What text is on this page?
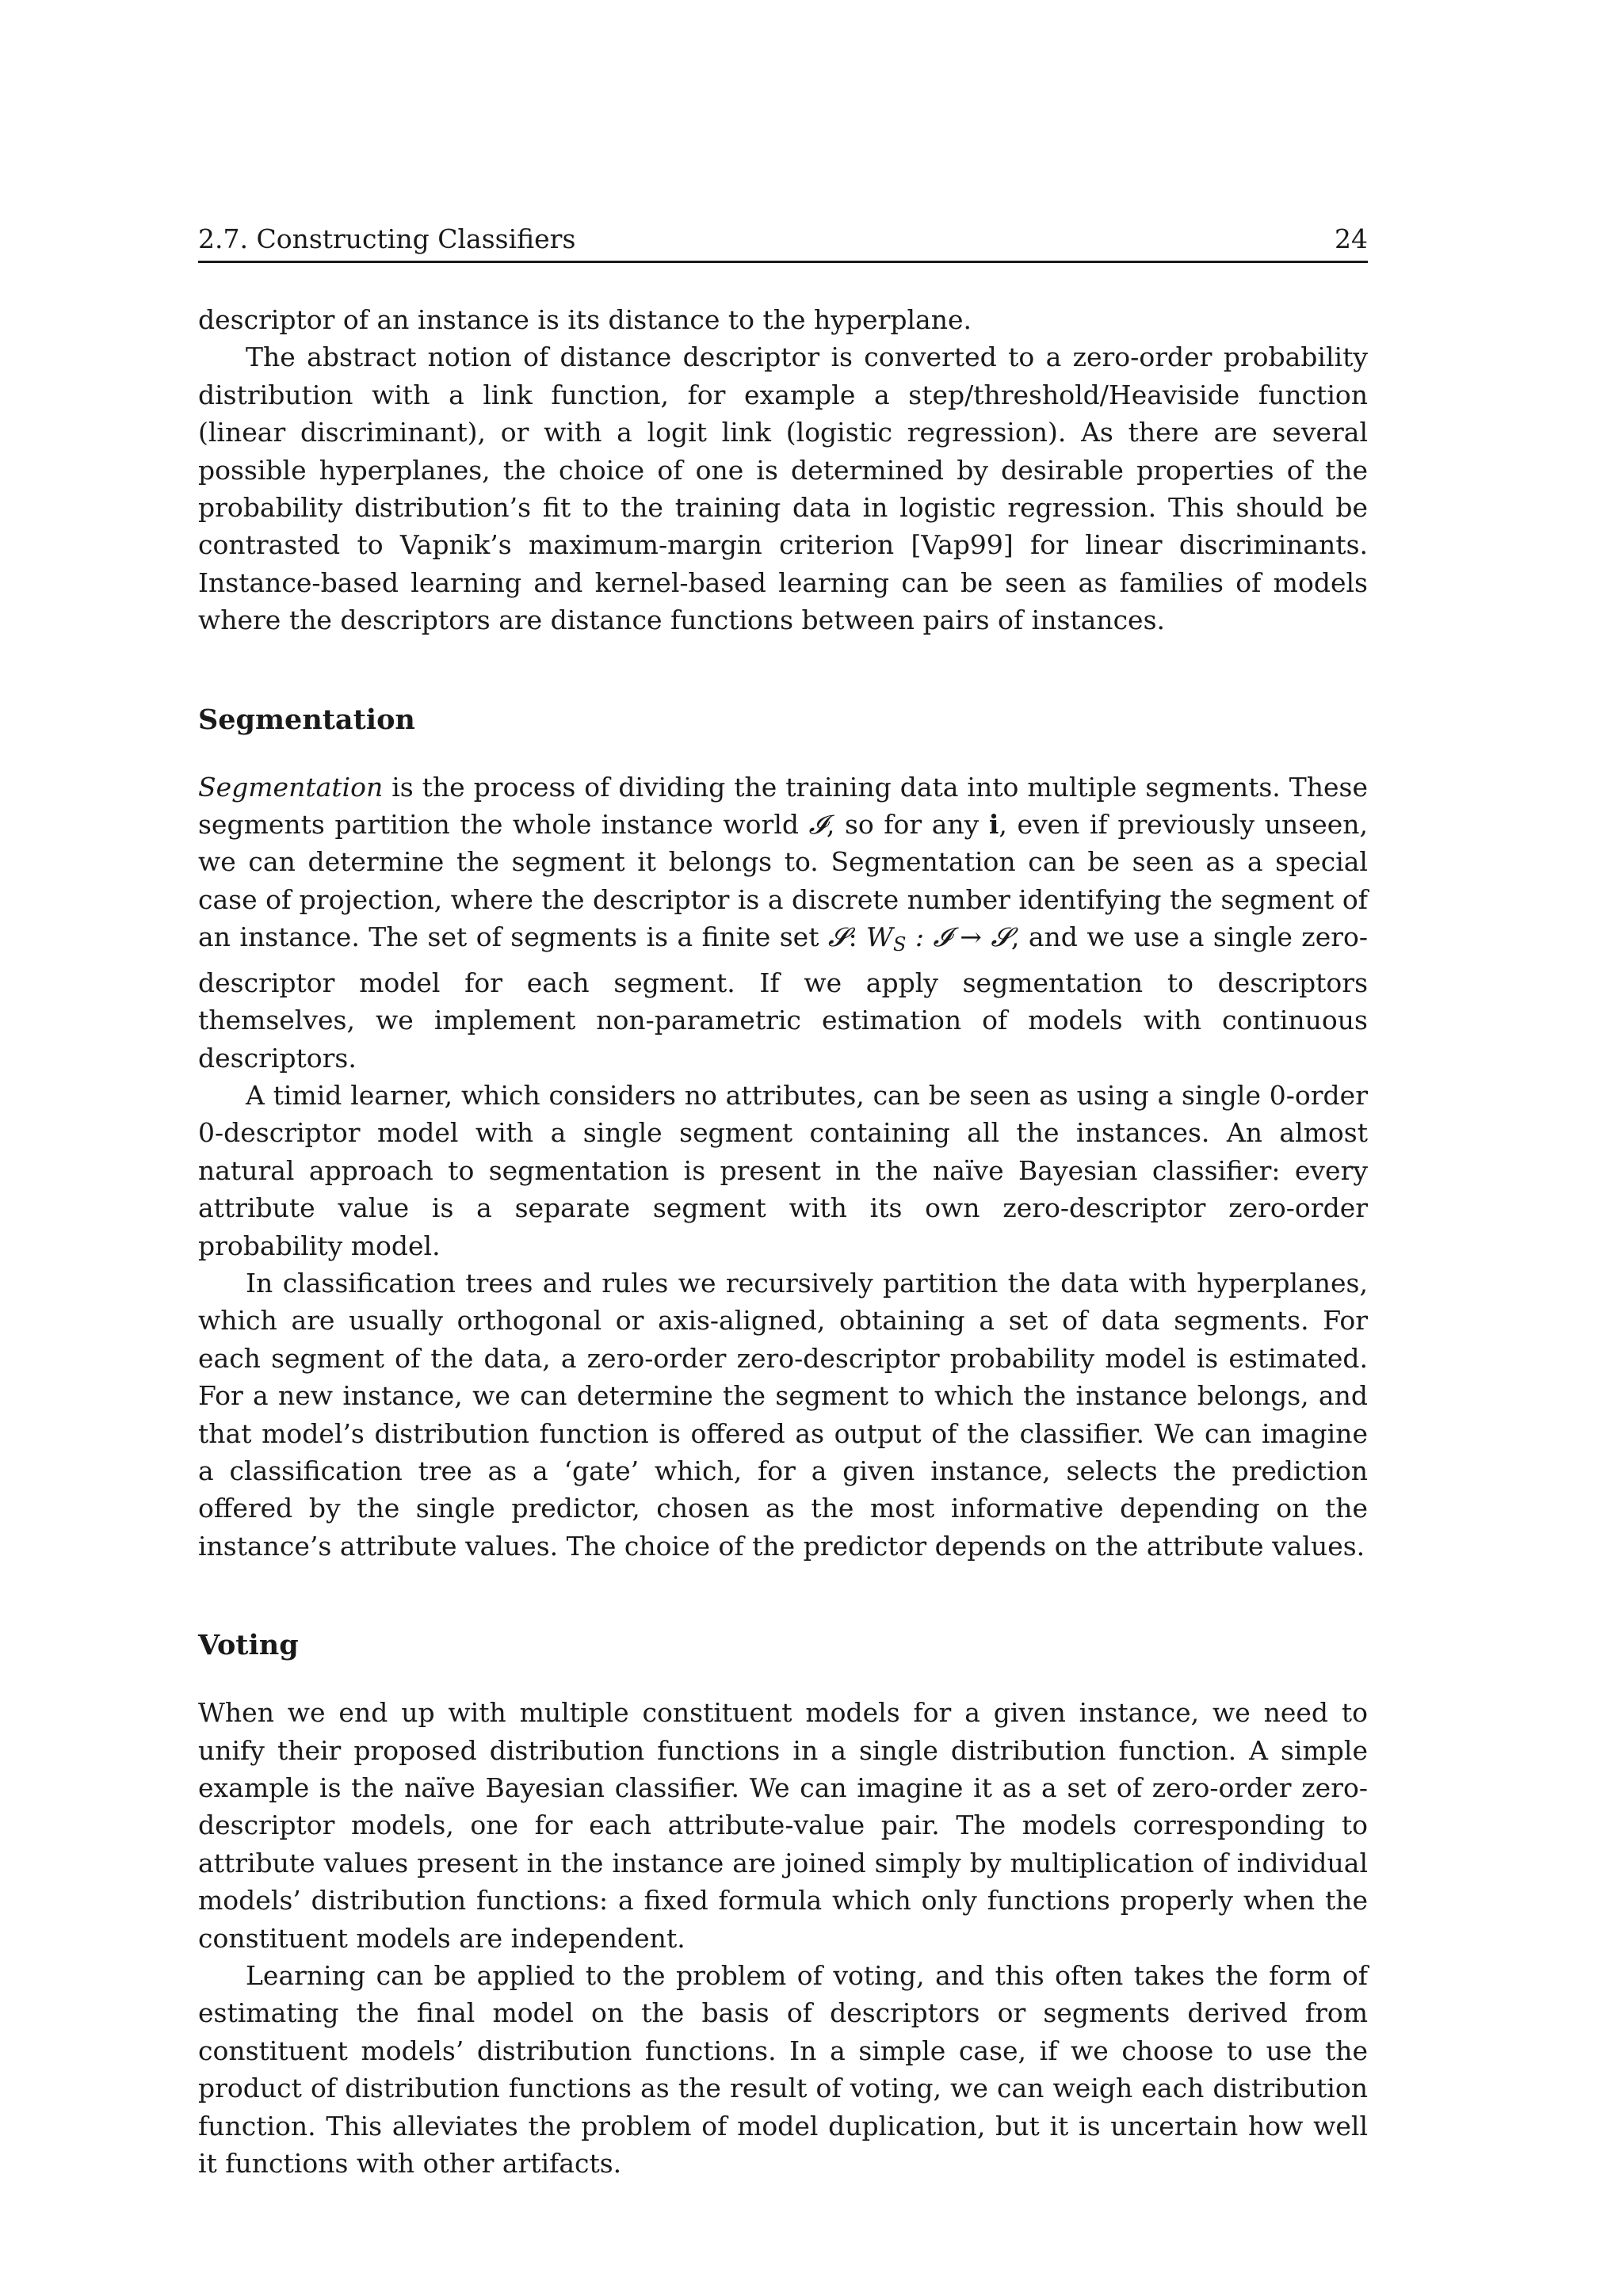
2.7. Constructing Classifiers	24

descriptor of an instance is its distance to the hyperplane.

The abstract notion of distance descriptor is converted to a zero-order probability distribution with a link function, for example a step/threshold/Heaviside function (linear discriminant), or with a logit link (logistic regression). As there are several possible hyperplanes, the choice of one is determined by desirable properties of the probability distribution’s fit to the training data in logistic regression. This should be contrasted to Vapnik’s maximum-margin criterion [Vap99] for linear discriminants. Instance-based learning and kernel-based learning can be seen as families of models where the descriptors are distance functions between pairs of instances.

Segmentation

Segmentation is the process of dividing the training data into multiple segments. These segments partition the whole instance world 𝓘, so for any i, even if previously unseen, we can determine the segment it belongs to. Segmentation can be seen as a special case of projection, where the descriptor is a discrete number identifying the segment of an instance. The set of segments is a finite set 𝓢: $W_S$ : 𝓘 → 𝓢, and we use a single zero-descriptor model for each segment. If we apply segmentation to descriptors themselves, we implement non-parametric estimation of models with continuous descriptors.

A timid learner, which considers no attributes, can be seen as using a single 0-order 0-descriptor model with a single segment containing all the instances. An almost natural approach to segmentation is present in the naïve Bayesian classifier: every attribute value is a separate segment with its own zero-descriptor zero-order probability model.

In classification trees and rules we recursively partition the data with hyperplanes, which are usually orthogonal or axis-aligned, obtaining a set of data segments. For each segment of the data, a zero-order zero-descriptor probability model is estimated. For a new instance, we can determine the segment to which the instance belongs, and that model’s distribution function is offered as output of the classifier. We can imagine a classification tree as a ‘gate’ which, for a given instance, selects the prediction offered by the single predictor, chosen as the most informative depending on the instance’s attribute values. The choice of the predictor depends on the attribute values.

Voting

When we end up with multiple constituent models for a given instance, we need to unify their proposed distribution functions in a single distribution function. A simple example is the naïve Bayesian classifier. We can imagine it as a set of zero-order zero-descriptor models, one for each attribute-value pair. The models corresponding to attribute values present in the instance are joined simply by multiplication of individual models’ distribution functions: a fixed formula which only functions properly when the constituent models are independent.

Learning can be applied to the problem of voting, and this often takes the form of estimating the final model on the basis of descriptors or segments derived from constituent models’ distribution functions. In a simple case, if we choose to use the product of distribution functions as the result of voting, we can weigh each distribution function. This alleviates the problem of model duplication, but it is uncertain how well it functions with other artifacts.
